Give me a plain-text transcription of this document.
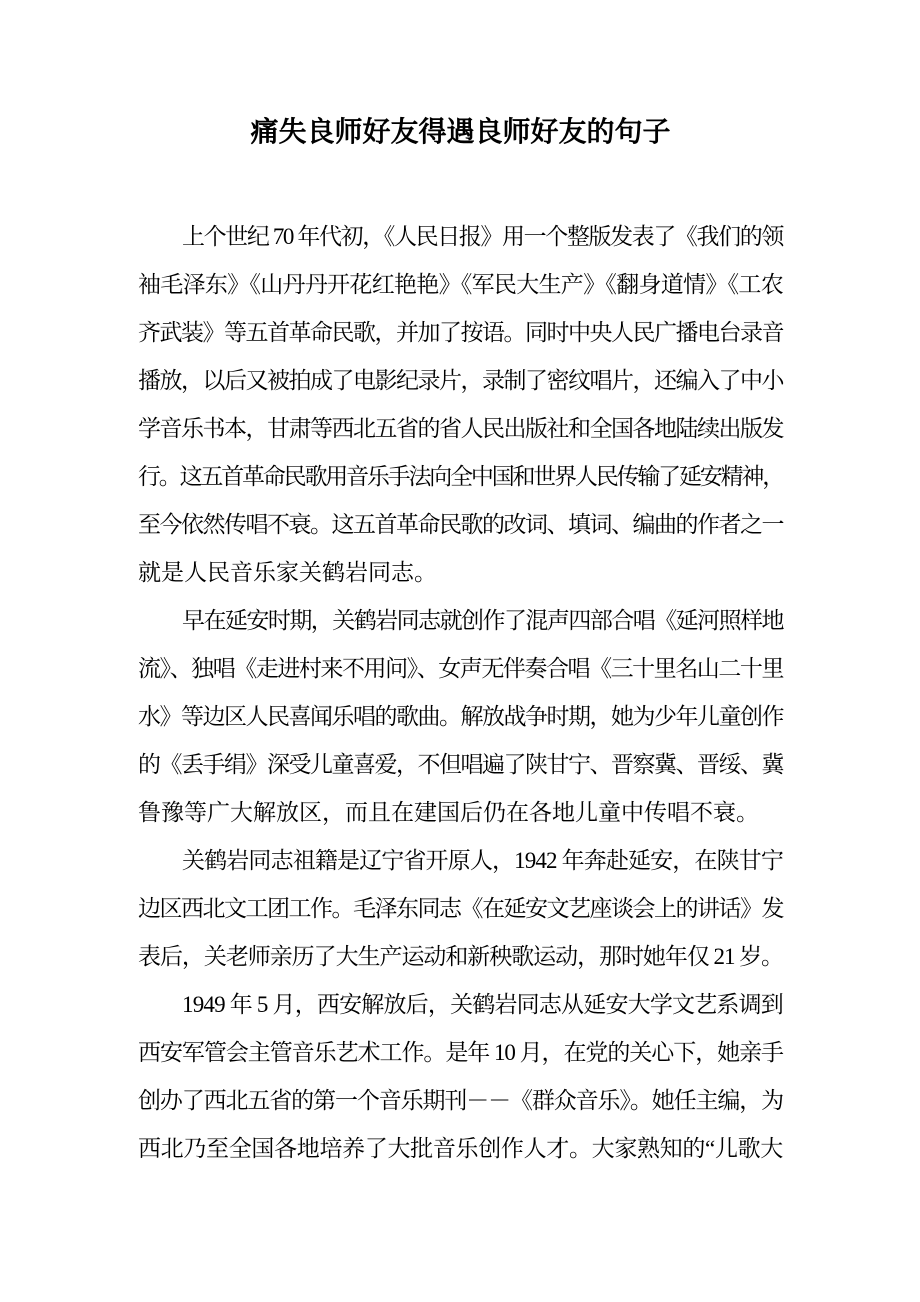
痛失良师好友得遇良师好友的句子
上个世纪 70 年代初，《人民日报》用一个整版发表了《我们的领
袖毛泽东》《山丹丹开花红艳艳》《军民大生产》《翻身道情》《工农
齐武装》等五首革命民歌，并加了按语。同时中央人民广播电台录音
播放，以后又被拍成了电影纪录片，录制了密纹唱片，还编入了中小
学音乐书本，甘肃等西北五省的省人民出版社和全国各地陆续出版发
行。这五首革命民歌用音乐手法向全中国和世界人民传输了延安精神，
至今依然传唱不衰。这五首革命民歌的改词、填词、编曲的作者之一
就是人民音乐家关鹤岩同志。
早在延安时期，关鹤岩同志就创作了混声四部合唱《延河照样地
流》、独唱《走进村来不用问》、女声无伴奏合唱《三十里名山二十里
水》等边区人民喜闻乐唱的歌曲。解放战争时期，她为少年儿童创作
的《丢手绢》深受儿童喜爱，不但唱遍了陕甘宁、晋察冀、晋绥、冀
鲁豫等广大解放区，而且在建国后仍在各地儿童中传唱不衰。
关鹤岩同志祖籍是辽宁省开原人，1942 年奔赴延安，在陕甘宁
边区西北文工团工作。毛泽东同志《在延安文艺座谈会上的讲话》发
表后，关老师亲历了大生产运动和新秧歌运动，那时她年仅 21 岁。
1949 年 5 月，西安解放后，关鹤岩同志从延安大学文艺系调到
西安军管会主管音乐艺术工作。是年 10 月，在党的关心下，她亲手
创办了西北五省的第一个音乐期刊－－《群众音乐》。她任主编，为
西北乃至全国各地培养了大批音乐创作人才。大家熟知的“儿歌大
